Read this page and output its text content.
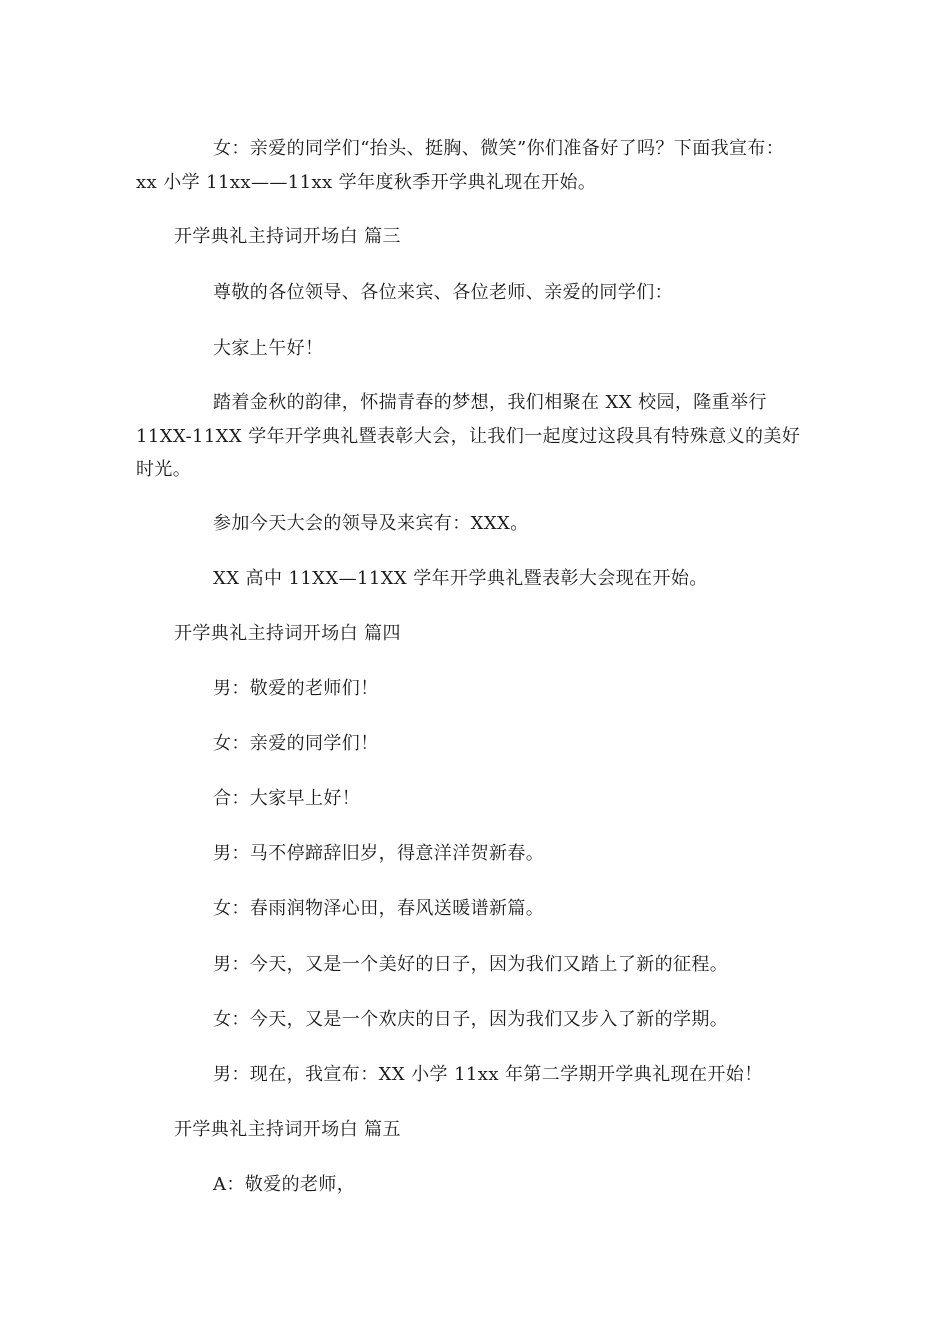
女：亲爱的同学们“抬头、挺胸、微笑”你们准备好了吗？下面我宣布：
xx 小学 11xx——11xx 学年度秋季开学典礼现在开始。
开学典礼主持词开场白 篇三
尊敬的各位领导、各位来宾、各位老师、亲爱的同学们：
大家上午好！
踏着金秋的韵律，怀揣青春的梦想，我们相聚在 XX 校园，隆重举行
11XX-11XX 学年开学典礼暨表彰大会，让我们一起度过这段具有特殊意义的美好
时光。
参加今天大会的领导及来宾有：XXX。
XX 高中 11XX—11XX 学年开学典礼暨表彰大会现在开始。
开学典礼主持词开场白 篇四
男：敬爱的老师们！
女：亲爱的同学们！
合：大家早上好！
男：马不停蹄辞旧岁，得意洋洋贺新春。
女：春雨润物泽心田，春风送暖谱新篇。
男：今天，又是一个美好的日子，因为我们又踏上了新的征程。
女：今天，又是一个欢庆的日子，因为我们又步入了新的学期。
男：现在，我宣布：XX 小学 11xx 年第二学期开学典礼现在开始！
开学典礼主持词开场白 篇五
A：敬爱的老师，
